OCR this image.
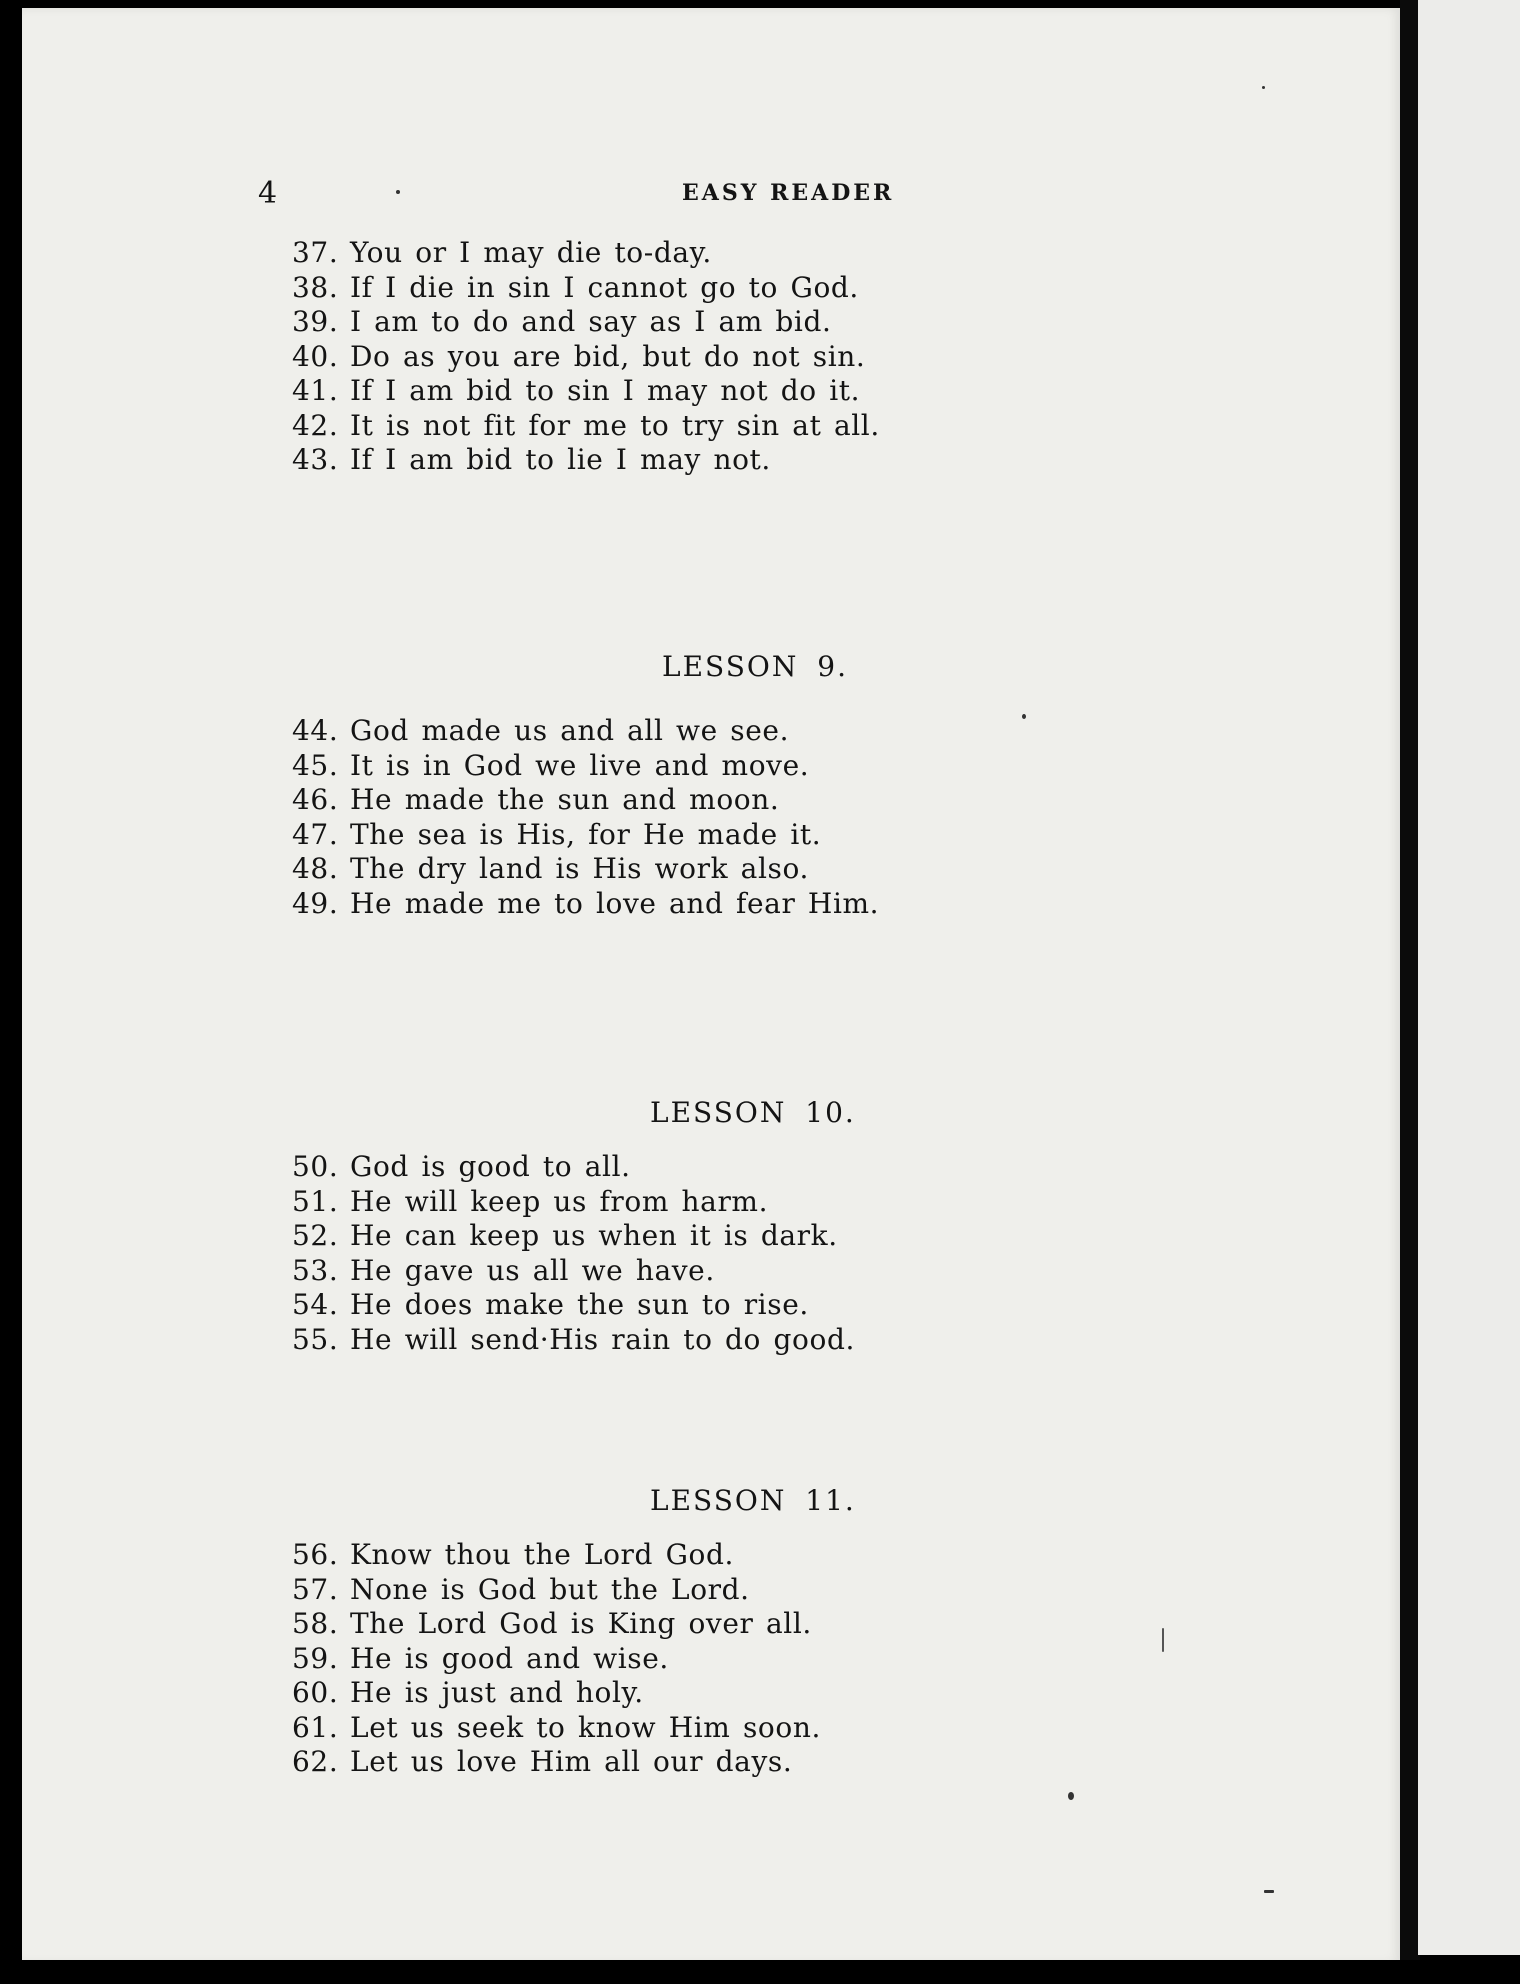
4	EASY READER
37. You or I may die to-day.
38. If I die in sin I cannot go to God.
39. I am to do and say as I am bid.
40. Do as you are bid, but do not sin.
41. If I am bid to sin I may not do it.
42. It is not fit for me to try sin at all.
43. If I am bid to lie I may not.
LESSON 9.
44. God made us and all we see.
45. It is in God we live and move.
46. He made the sun and moon.
47. The sea is His, for He made it.
48. The dry land is His work also.
49. He made me to love and fear Him.
LESSON 10.
50. God is good to all.
51. He will keep us from harm.
52. He can keep us when it is dark.
53. He gave us all we have.
54. He does make the sun to rise.
55. He will send·His rain to do good.
LESSON 11.
56. Know thou the Lord God.
57. None is God but the Lord.
58. The Lord God is King over all.
59. He is good and wise.
60. He is just and holy.
61. Let us seek to know Him soon.
62. Let us love Him all our days.
